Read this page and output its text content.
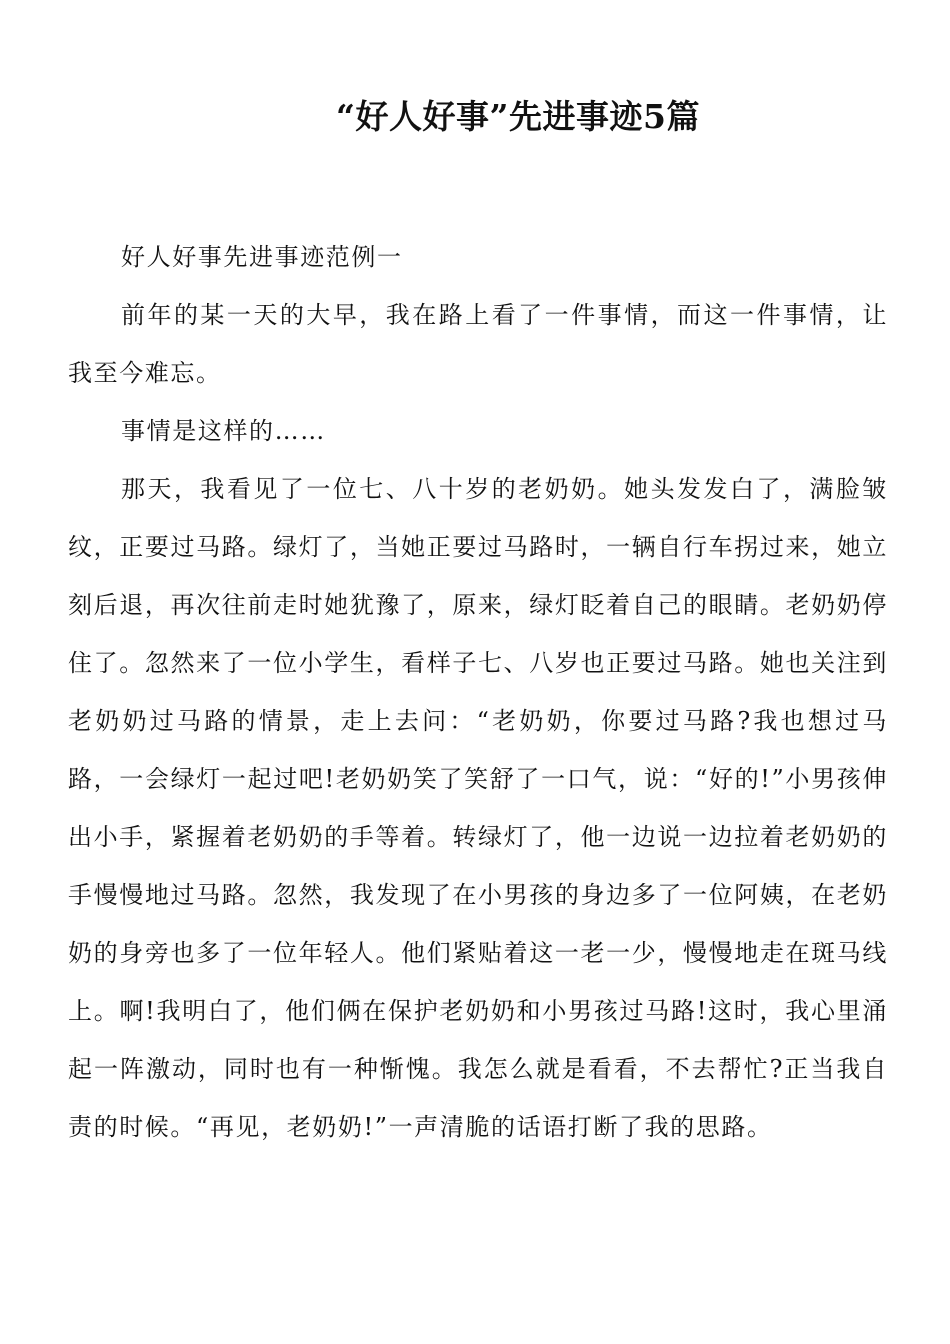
“好人好事”先进事迹5篇

好人好事先进事迹范例一

前年的某一天的大早，我在路上看了一件事情，而这一件事情，让我至今难忘。

事情是这样的……

那天，我看见了一位七、八十岁的老奶奶。她头发发白了，满脸皱纹，正要过马路。绿灯了，当她正要过马路时，一辆自行车拐过来，她立刻后退，再次往前走时她犹豫了，原来，绿灯眨着自己的眼睛。老奶奶停住了。忽然来了一位小学生，看样子七、八岁也正要过马路。她也关注到老奶奶过马路的情景，走上去问：“老奶奶，你要过马路?我也想过马路，一会绿灯一起过吧!老奶奶笑了笑舒了一口气，说：“好的!”小男孩伸出小手，紧握着老奶奶的手等着。转绿灯了，他一边说一边拉着老奶奶的手慢慢地过马路。忽然，我发现了在小男孩的身边多了一位阿姨，在老奶奶的身旁也多了一位年轻人。他们紧贴着这一老一少，慢慢地走在斑马线上。啊!我明白了，他们俩在保护老奶奶和小男孩过马路!这时，我心里涌起一阵激动，同时也有一种惭愧。我怎么就是看看，不去帮忙?正当我自责的时候。“再见，老奶奶!”一声清脆的话语打断了我的思路。
